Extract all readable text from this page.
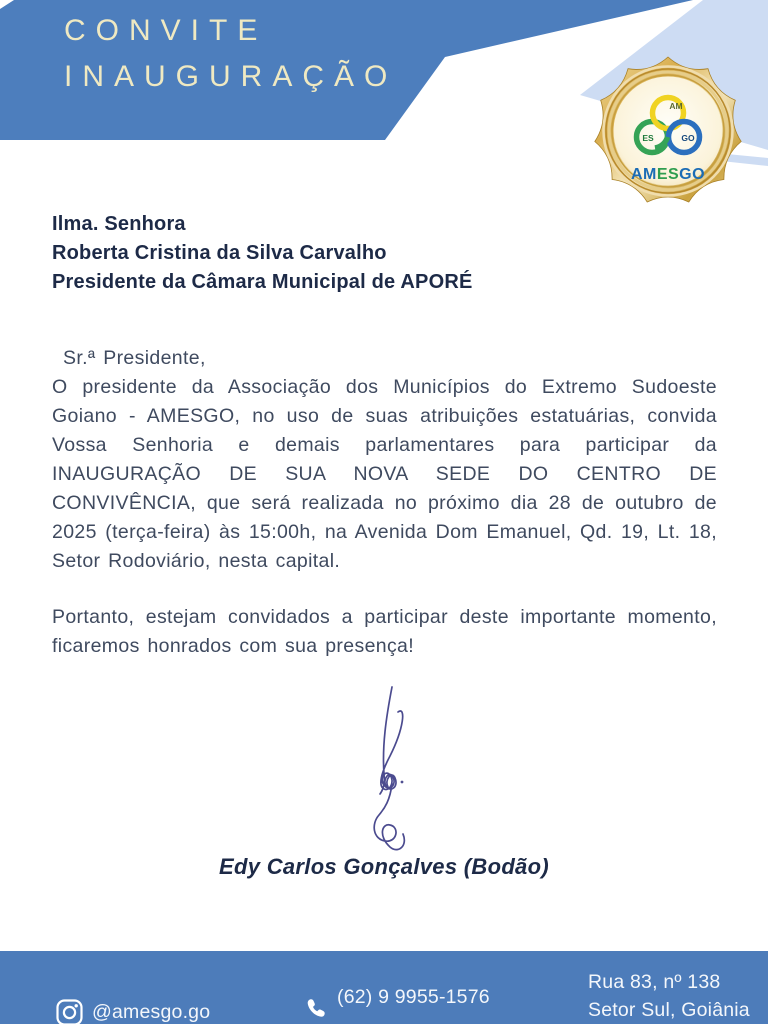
CONVITE
INAUGURAÇÃO
AM
ES	GO
AMESGO
Ilma. Senhora
Roberta Cristina da Silva Carvalho
Presidente da Câmara Municipal de APORÉ
Sr.ª Presidente,
O presidente da Associação dos Municípios do Extremo Sudoeste Goiano - AMESGO, no uso de suas atribuições estatuárias, convida Vossa Senhoria e demais parlamentares para participar da INAUGURAÇÃO DE SUA NOVA SEDE DO CENTRO DE CONVIVÊNCIA, que será realizada no próximo dia 28 de outubro de 2025 (terça-feira) às 15:00h, na Avenida Dom Emanuel, Qd. 19, Lt. 18, Setor Rodoviário, nesta capital.
Portanto, estejam convidados a participar deste importante momento, ficaremos honrados com sua presença!
Edy Carlos Gonçalves (Bodão)
@amesgo.go
(62) 9 9955-1576
Rua 83, nº 138
Setor Sul, Goiânia
